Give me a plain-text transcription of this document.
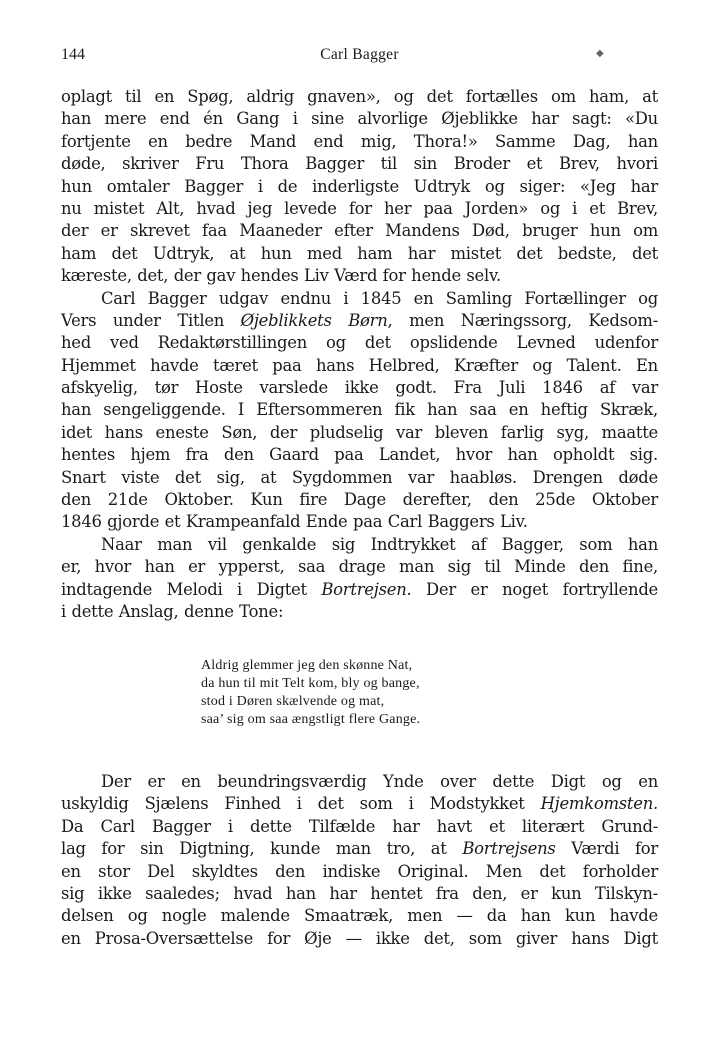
144	Carl Bagger	◆
oplagt til en Spøg, aldrig gnaven», og det fortælles om ham, at
han mere end én Gang i sine alvorlige Øjeblikke har sagt: «Du
fortjente en bedre Mand end mig, Thora!» Samme Dag, han
døde, skriver Fru Thora Bagger til sin Broder et Brev, hvori
hun omtaler Bagger i de inderligste Udtryk og siger: «Jeg har
nu mistet Alt, hvad jeg levede for her paa Jorden» og i et Brev,
der er skrevet faa Maaneder efter Mandens Død, bruger hun om
ham det Udtryk, at hun med ham har mistet det bedste, det
kæreste, det, der gav hendes Liv Værd for hende selv.
Carl Bagger udgav endnu i 1845 en Samling Fortællinger og
Vers under Titlen Øjeblikkets Børn, men Næringssorg, Kedsom-
hed ved Redaktørstillingen og det opslidende Levned udenfor
Hjemmet havde tæret paa hans Helbred, Kræfter og Talent. En
afskyelig, tør Hoste varslede ikke godt. Fra Juli 1846 af var
han sengeliggende. I Eftersommeren fik han saa en heftig Skræk,
idet hans eneste Søn, der pludselig var bleven farlig syg, maatte
hentes hjem fra den Gaard paa Landet, hvor han opholdt sig.
Snart viste det sig, at Sygdommen var haabløs. Drengen døde
den 21de Oktober. Kun fire Dage derefter, den 25de Oktober
1846 gjorde et Krampeanfald Ende paa Carl Baggers Liv.
Naar man vil genkalde sig Indtrykket af Bagger, som han
er, hvor han er ypperst, saa drage man sig til Minde den fine,
indtagende Melodi i Digtet Bortrejsen. Der er noget fortryllende
i dette Anslag, denne Tone:
Aldrig glemmer jeg den skønne Nat,
da hun til mit Telt kom, bly og bange,
stod i Døren skælvende og mat,
saa’ sig om saa ængstligt flere Gange.
Der er en beundringsværdig Ynde over dette Digt og en
uskyldig Sjælens Finhed i det som i Modstykket Hjemkomsten.
Da Carl Bagger i dette Tilfælde har havt et literært Grund-
lag for sin Digtning, kunde man tro, at Bortrejsens Værdi for
en stor Del skyldtes den indiske Original. Men det forholder
sig ikke saaledes; hvad han har hentet fra den, er kun Tilskyn-
delsen og nogle malende Smaatræk, men — da han kun havde
en Prosa-Oversættelse for Øje — ikke det, som giver hans Digt
